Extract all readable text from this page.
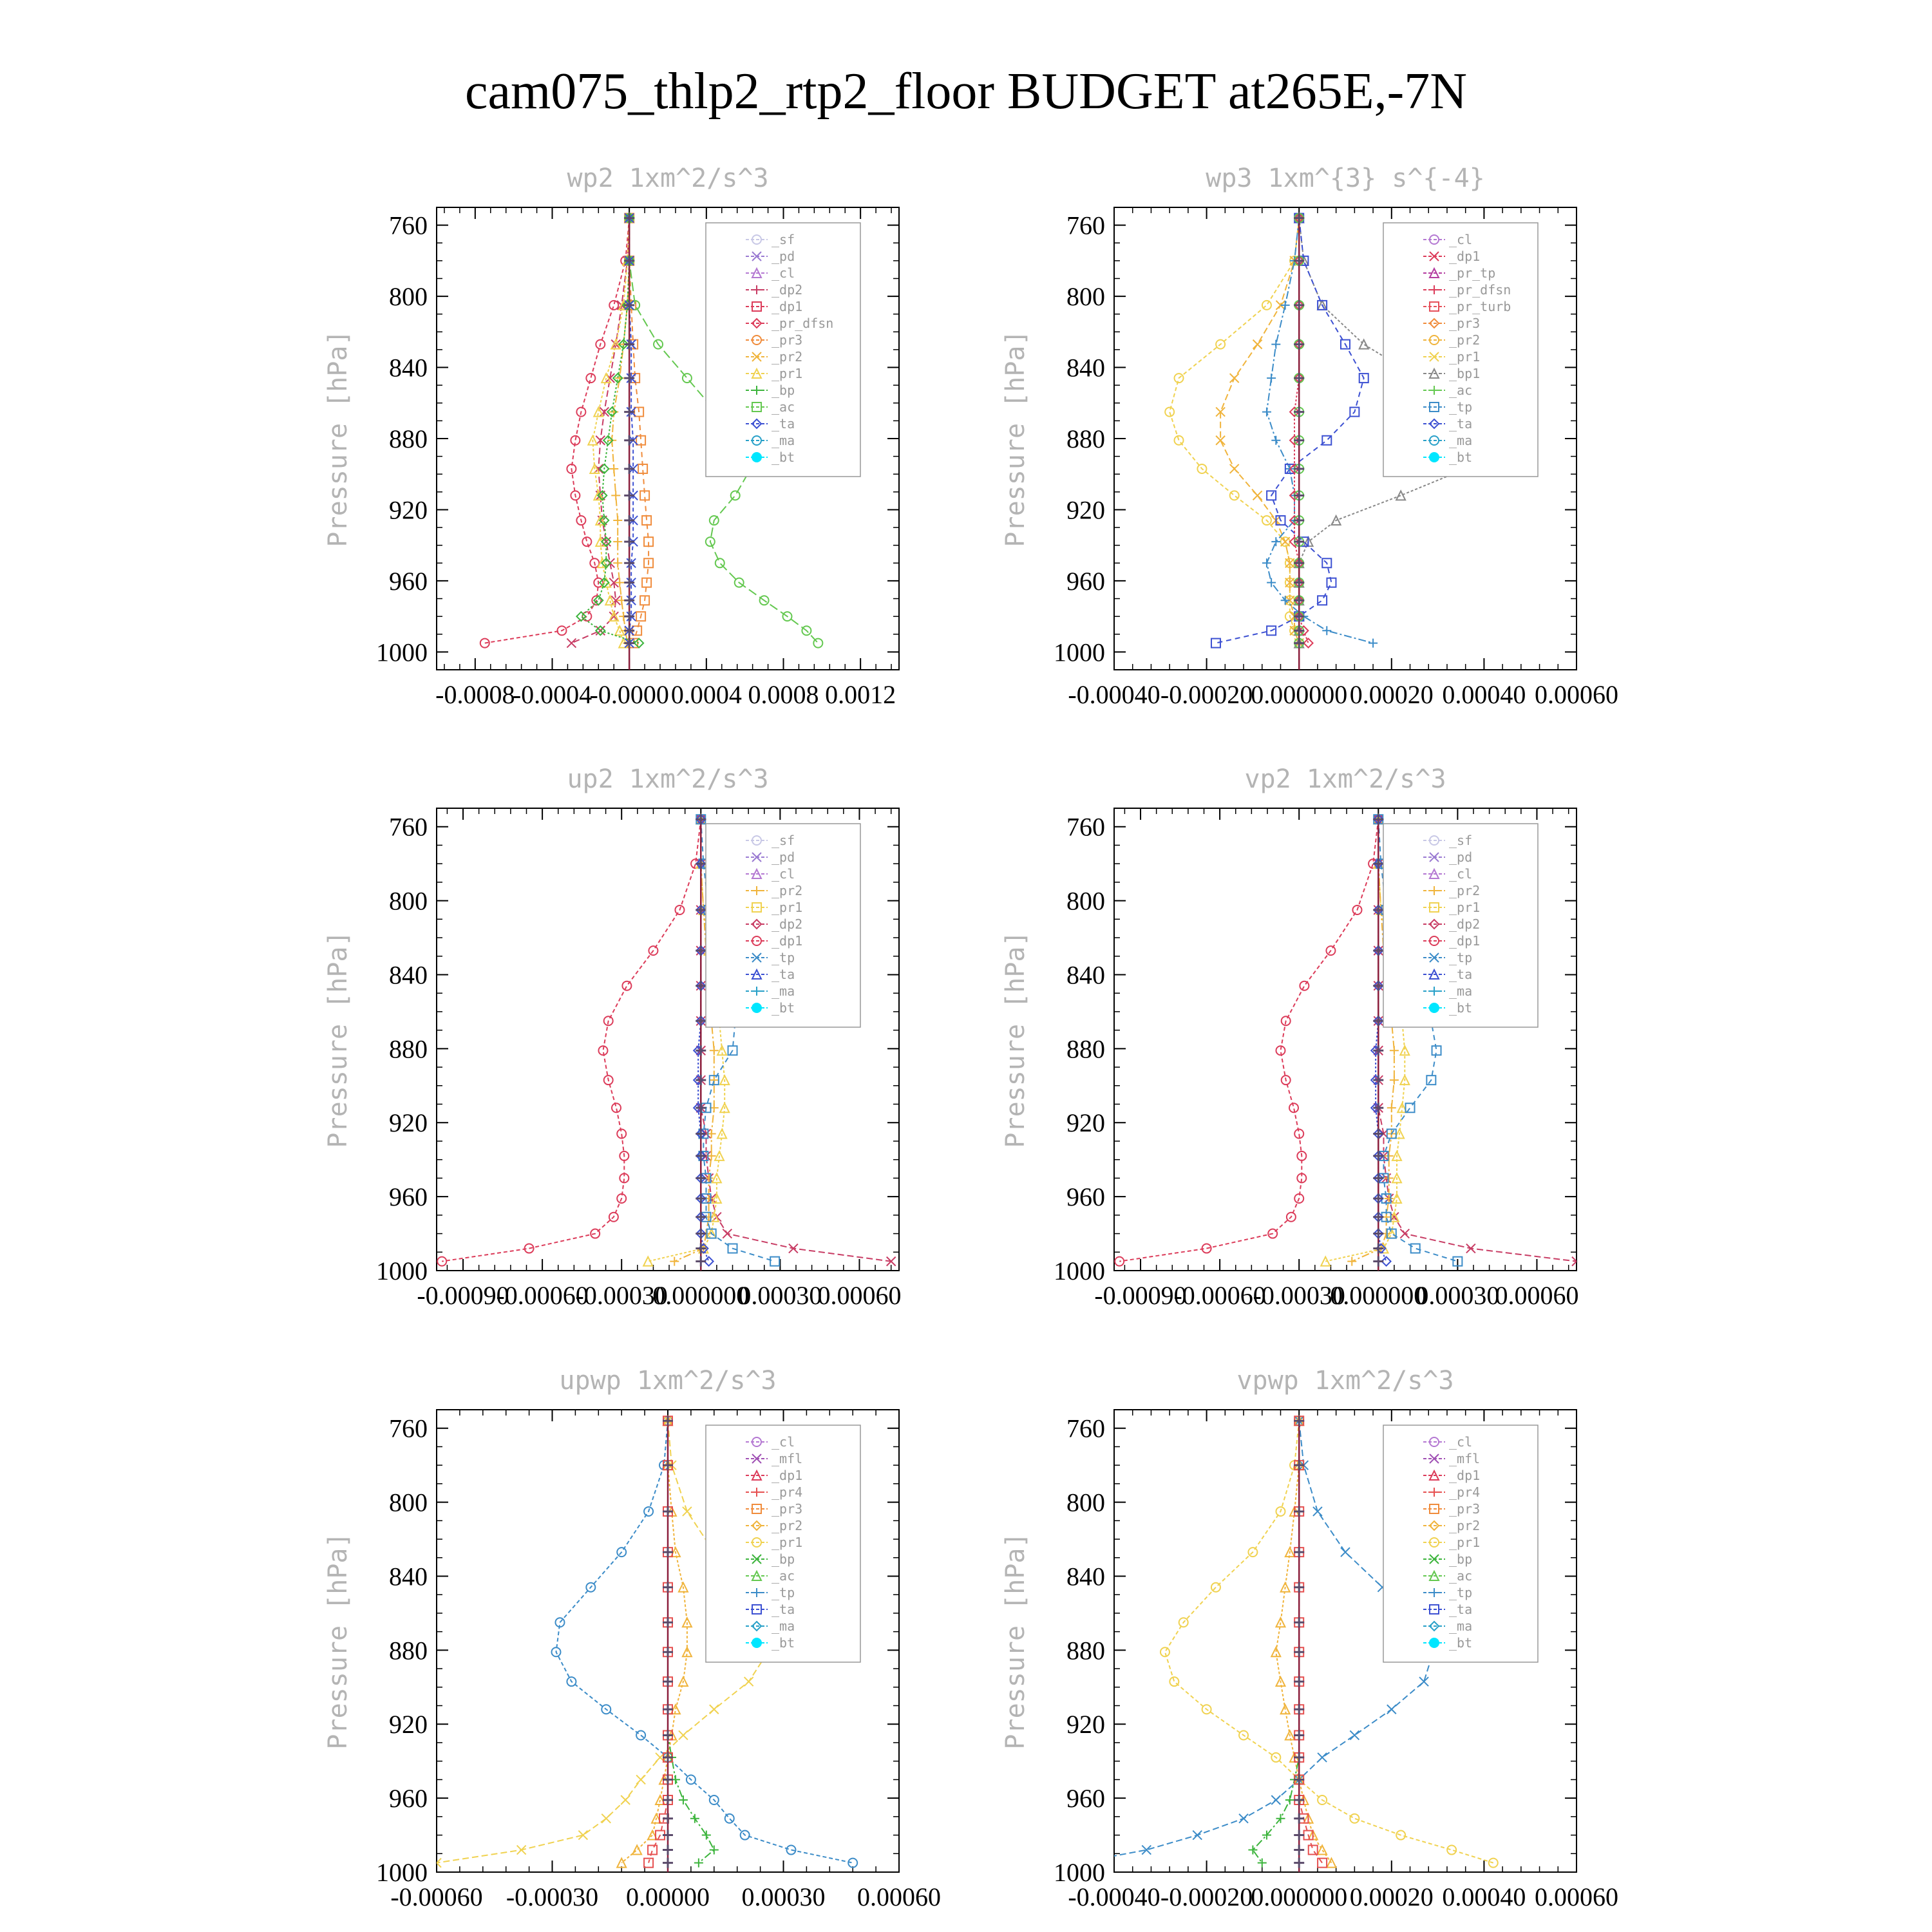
cam075_thlp2_rtp2_floor BUDGET at265E,-7N
wp2 1xm^2/s^3
Pressure [hPa]
760
800
840
880
920
960
1000
-0.0008
-0.0004
-0.0000 0.0004 0.0008 0.0012
_sf
_pd
_cl
_dp2
_dp1
_pr_dfsn
_pr3
_pr2
_pr1
_bp
_ac
_ta
_ma
_bt
wp3 1xm^{3} s^{-4}
Pressure [hPa]
760
800
840
880
920
960
1000
-0.00040 -0.00020
0.000000 0.00020 0.00040 0.00060
_cl
_dp1
_pr_tp
_pr_dfsn
_pr_turb
_pr3
_pr2
_pr1
_bp1
_ac
_tp
_ta
_ma
_bt
up2 1xm^2/s^3
Pressure [hPa]
760
800
840
880
920
960
1000
-0.00090
-0.00060
-0.00030
0.000000
0.00030
0.00060
_sf
_pd
_cl
_pr2
_pr1
_dp2
_dp1
_tp
_ta
_ma
_bt
vp2 1xm^2/s^3
Pressure [hPa]
760
800
840
880
920
960
1000
-0.00090
-0.00060
-0.00030
0.000000
0.00030
0.00060
_sf
_pd
_cl
_pr2
_pr1
_dp2
_dp1
_tp
_ta
_ma
_bt
upwp 1xm^2/s^3
Pressure [hPa]
760
800
840
880
920
960
1000
-0.00060 -0.00030 0.00000 0.00030 0.00060
_cl
_mfl
_dp1
_pr4
_pr3
_pr2
_pr1
_bp
_ac
_tp
_ta
_ma
_bt
vpwp 1xm^2/s^3
Pressure [hPa]
760
800
840
880
920
960
1000
-0.00040 -0.00020
0.000000 0.00020 0.00040 0.00060
_cl
_mfl
_dp1
_pr4
_pr3
_pr2
_pr1
_bp
_ac
_tp
_ta
_ma
_bt
